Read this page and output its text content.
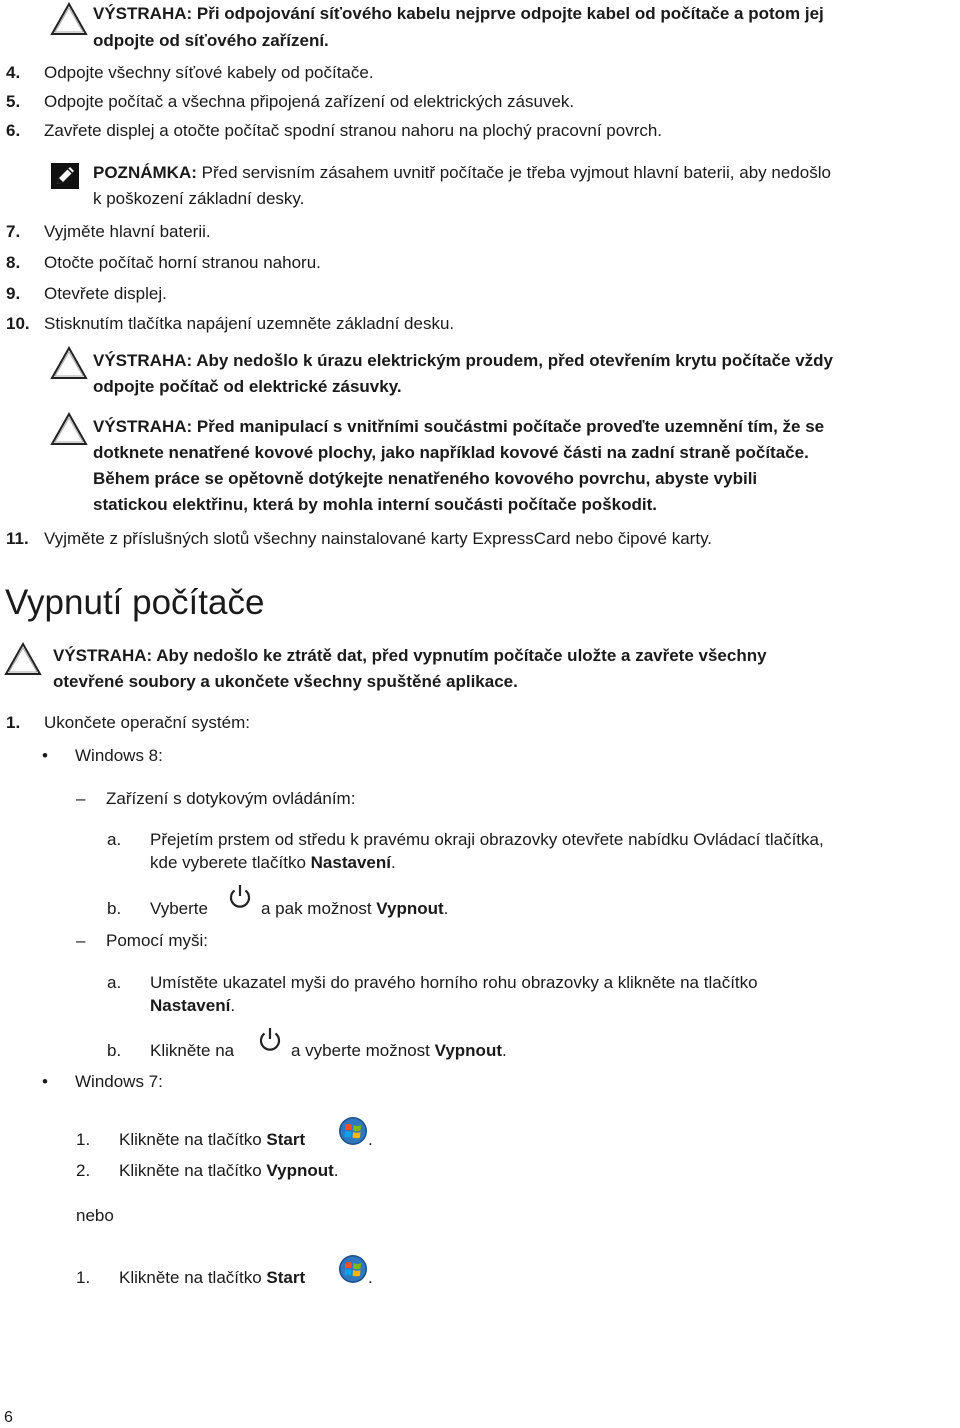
VÝSTRAHA: Při odpojování síťového kabelu nejprve odpojte kabel od počítače a potom jej
odpojte od síťového zařízení.
4. Odpojte všechny síťové kabely od počítače.
5. Odpojte počítač a všechna připojená zařízení od elektrických zásuvek.
6. Zavřete displej a otočte počítač spodní stranou nahoru na plochý pracovní povrch.
POZNÁMKA: Před servisním zásahem uvnitř počítače je třeba vyjmout hlavní baterii, aby nedošlo
k poškození základní desky.
7. Vyjměte hlavní baterii.
8. Otočte počítač horní stranou nahoru.
9. Otevřete displej.
10. Stisknutím tlačítka napájení uzemněte základní desku.
VÝSTRAHA: Aby nedošlo k úrazu elektrickým proudem, před otevřením krytu počítače vždy
odpojte počítač od elektrické zásuvky.
VÝSTRAHA: Před manipulací s vnitřními součástmi počítače proveďte uzemnění tím, že se
dotknete nenatřené kovové plochy, jako například kovové části na zadní straně počítače.
Během práce se opětovně dotýkejte nenatřeného kovového povrchu, abyste vybili
statickou elektřinu, která by mohla interní součásti počítače poškodit.
11. Vyjměte z příslušných slotů všechny nainstalované karty ExpressCard nebo čipové karty.
Vypnutí počítače
VÝSTRAHA: Aby nedošlo ke ztrátě dat, před vypnutím počítače uložte a zavřete všechny
otevřené soubory a ukončete všechny spuštěné aplikace.
1. Ukončete operační systém:
• Windows 8:
– Zařízení s dotykovým ovládáním:
a. Přejetím prstem od středu k pravému okraji obrazovky otevřete nabídku Ovládací tlačítka,
kde vyberete tlačítko Nastavení.
b. Vyberte	a pak možnost Vypnout.
– Pomocí myši:
a. Umístěte ukazatel myši do pravého horního rohu obrazovky a klikněte na tlačítko
Nastavení.
b. Klikněte na	a vyberte možnost Vypnout.
• Windows 7:
1. Klikněte na tlačítko Start	.
2. Klikněte na tlačítko Vypnout.
nebo
1. Klikněte na tlačítko Start	.
6
